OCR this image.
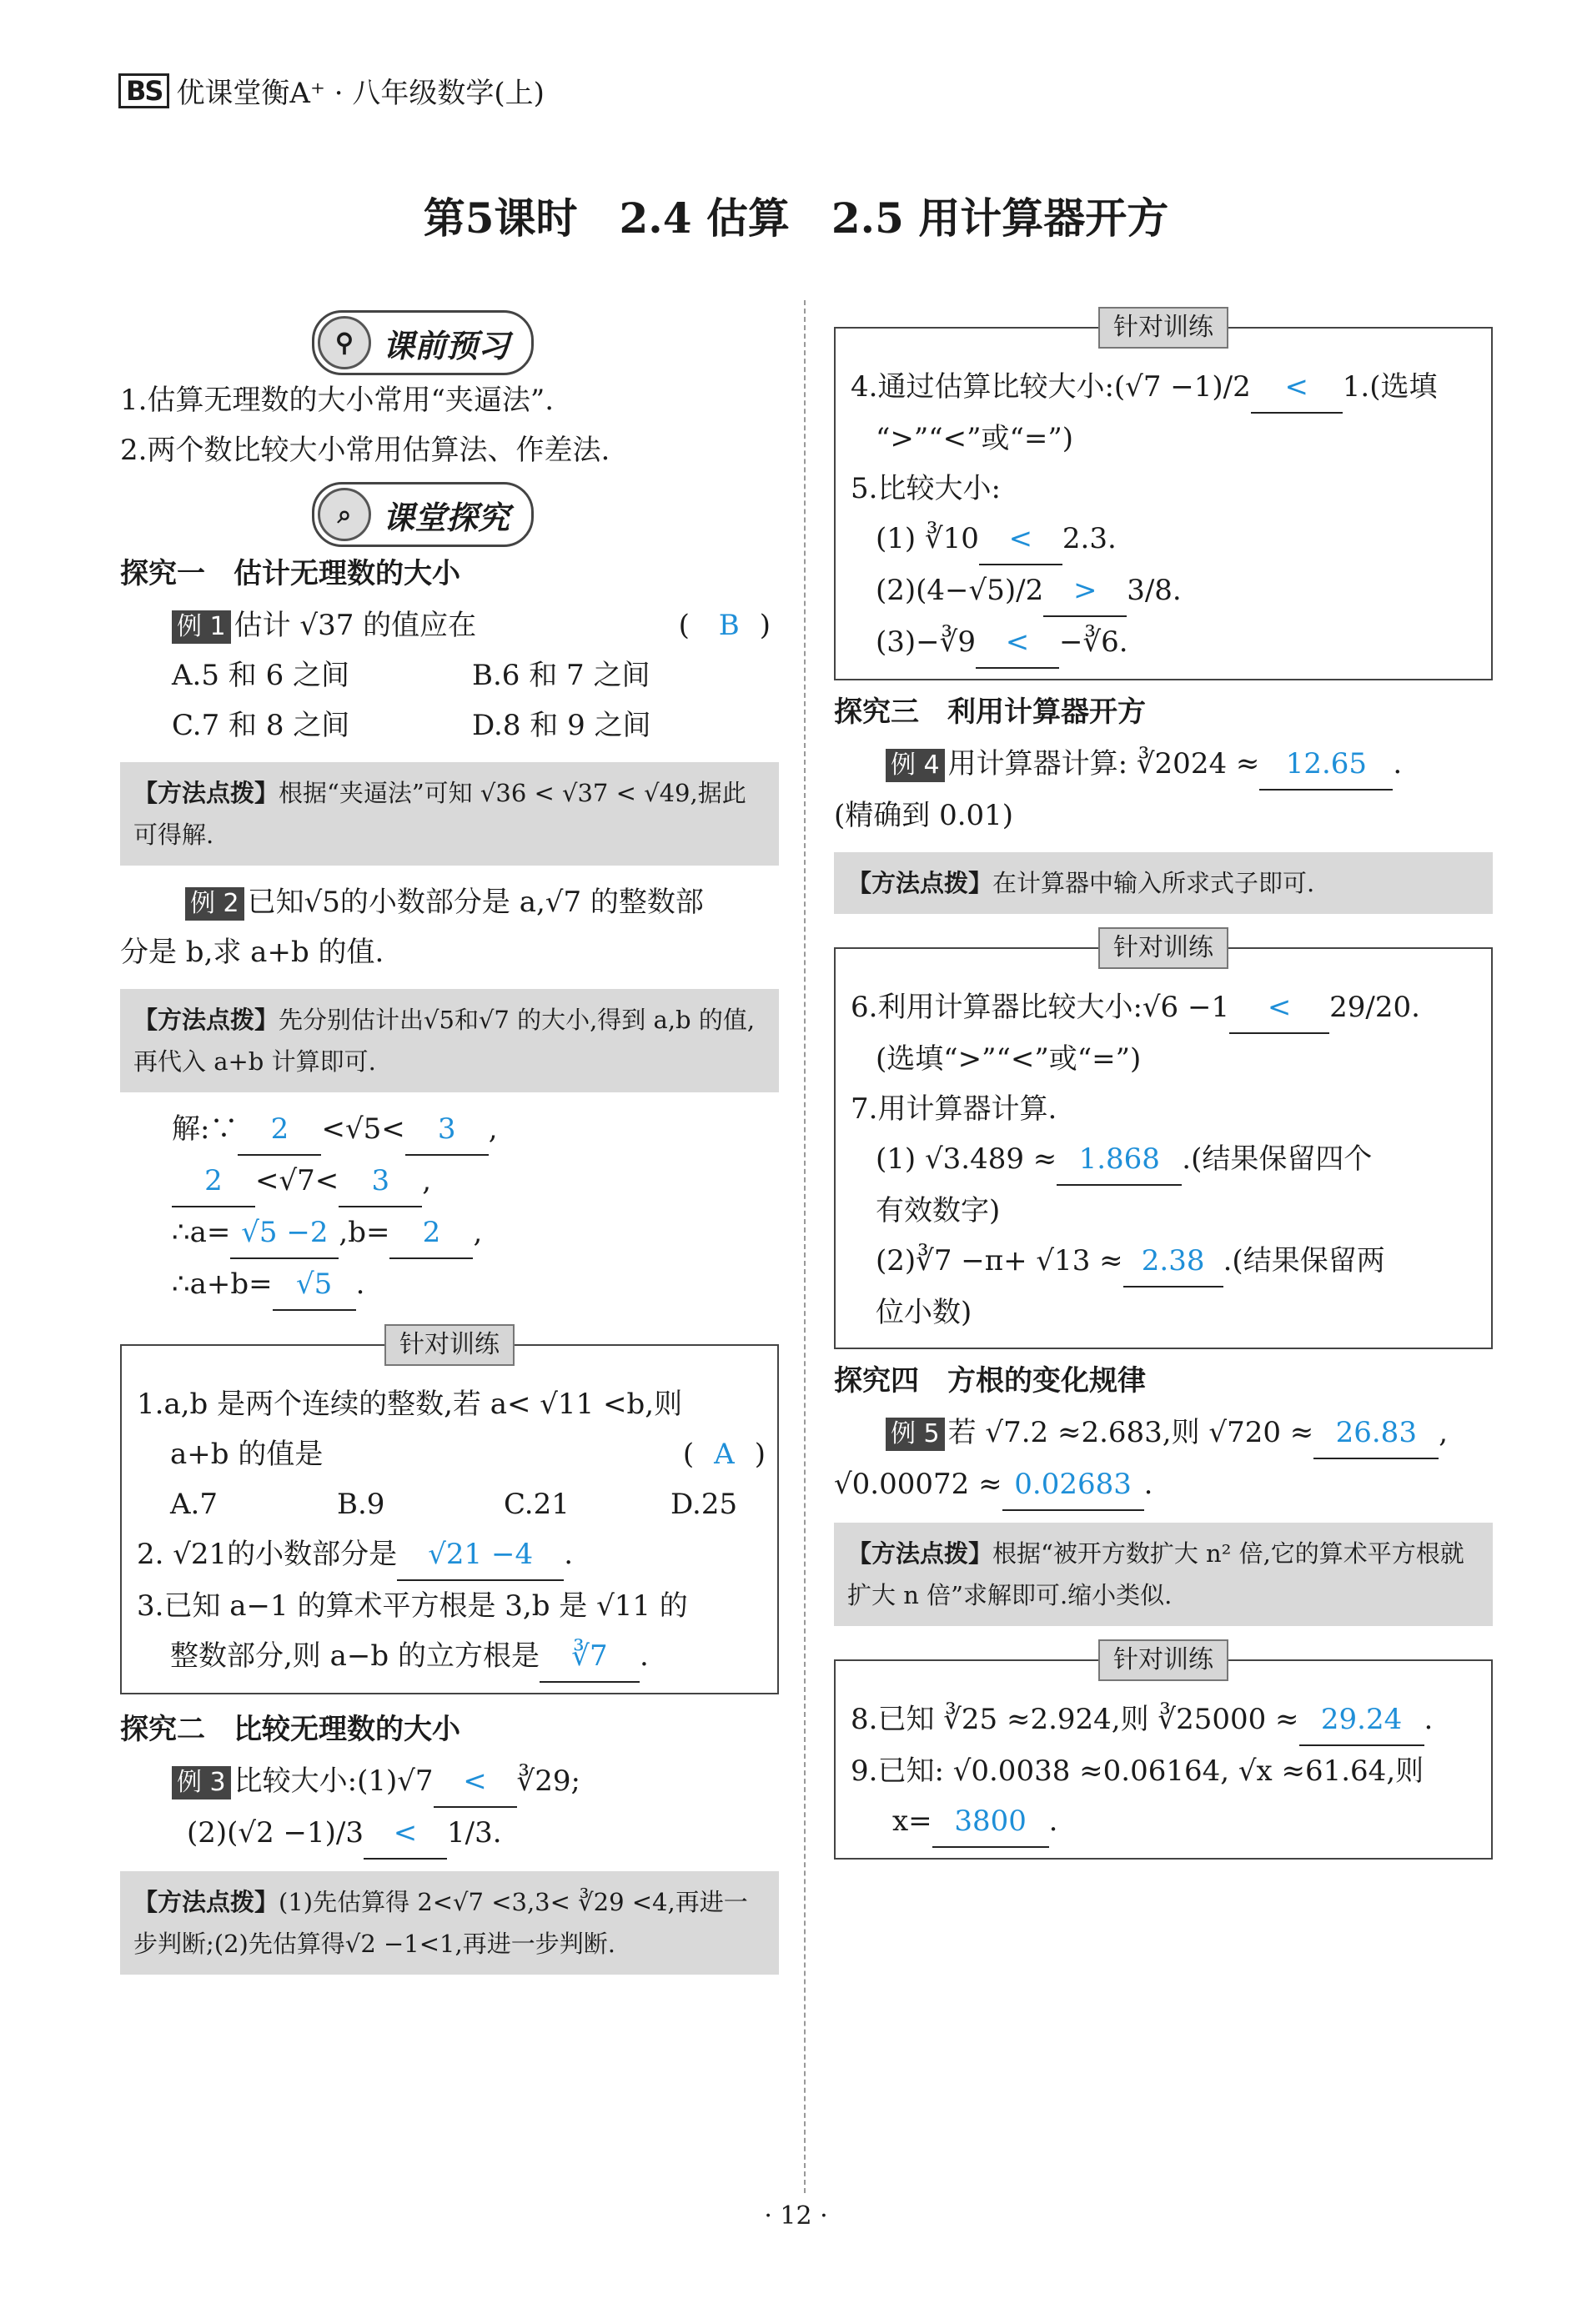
BS 优课堂衡A⁺ · 八年级数学(上)
第5课时　2.4 估算　2.5 用计算器开方
⚲ 课前预习
1.估算无理数的大小常用“夹逼法”.
2.两个数比较大小常用估算法、作差法.
⌕ 课堂探究
探究一　估计无理数的大小
例 1 估计 √37 的值应在	( B )
A.5 和 6 之间	B.6 和 7 之间
C.7 和 8 之间	D.8 和 9 之间
【方法点拨】根据“夹逼法”可知 √36 < √37 < √49,据此可得解.
例 2 已知√5的小数部分是 a,√7 的整数部
分是 b,求 a+b 的值.
【方法点拨】先分别估计出√5和√7 的大小,得到 a,b 的值,再代入 a+b 计算即可.
解:∵ 2 <√5< 3 ,
2 <√7< 3 ,
∴a= √5 −2 ,b= 2 ,
∴a+b= √5 .
针对训练
1.a,b 是两个连续的整数,若 a< √11 <b,则
a+b 的值是	( A )
A.7	B.9	C.21	D.25
2. √21的小数部分是 √21 −4 .
3.已知 a−1 的算术平方根是 3,b 是 √11 的
整数部分,则 a−b 的立方根是 ∛7 .
探究二　比较无理数的大小
例 3 比较大小:(1)√7 < ∛29;
(2)(√2 −1)/3 < 1/3.
【方法点拨】(1)先估算得 2<√7 <3,3< ∛29 <4,再进一步判断;(2)先估算得√2 −1<1,再进一步判断.
针对训练
4.通过估算比较大小:(√7 −1)/2 < 1.(选填
“>”“<”或“=”)
5.比较大小:
(1) ∛10 < 2.3.
(2)(4−√5)/2 > 3/8.
(3)−∛9 < −∛6.
探究三　利用计算器开方
例 4 用计算器计算: ∛2024 ≈ 12.65 .
(精确到 0.01)
【方法点拨】在计算器中输入所求式子即可.
针对训练
6.利用计算器比较大小:√6 −1 < 29/20.
(选填“>”“<”或“=”)
7.用计算器计算.
(1) √3.489 ≈ 1.868 .(结果保留四个
有效数字)
(2)∛7 −π+ √13 ≈ 2.38 .(结果保留两
位小数)
探究四　方根的变化规律
例 5 若 √7.2 ≈2.683,则 √720 ≈ 26.83 ,
√0.00072 ≈ 0.02683 .
【方法点拨】根据“被开方数扩大 n² 倍,它的算术平方根就扩大 n 倍”求解即可.缩小类似.
针对训练
8.已知 ∛25 ≈2.924,则 ∛25000 ≈ 29.24 .
9.已知: √0.0038 ≈0.06164, √x ≈61.64,则
x= 3800 .
· 12 ·
